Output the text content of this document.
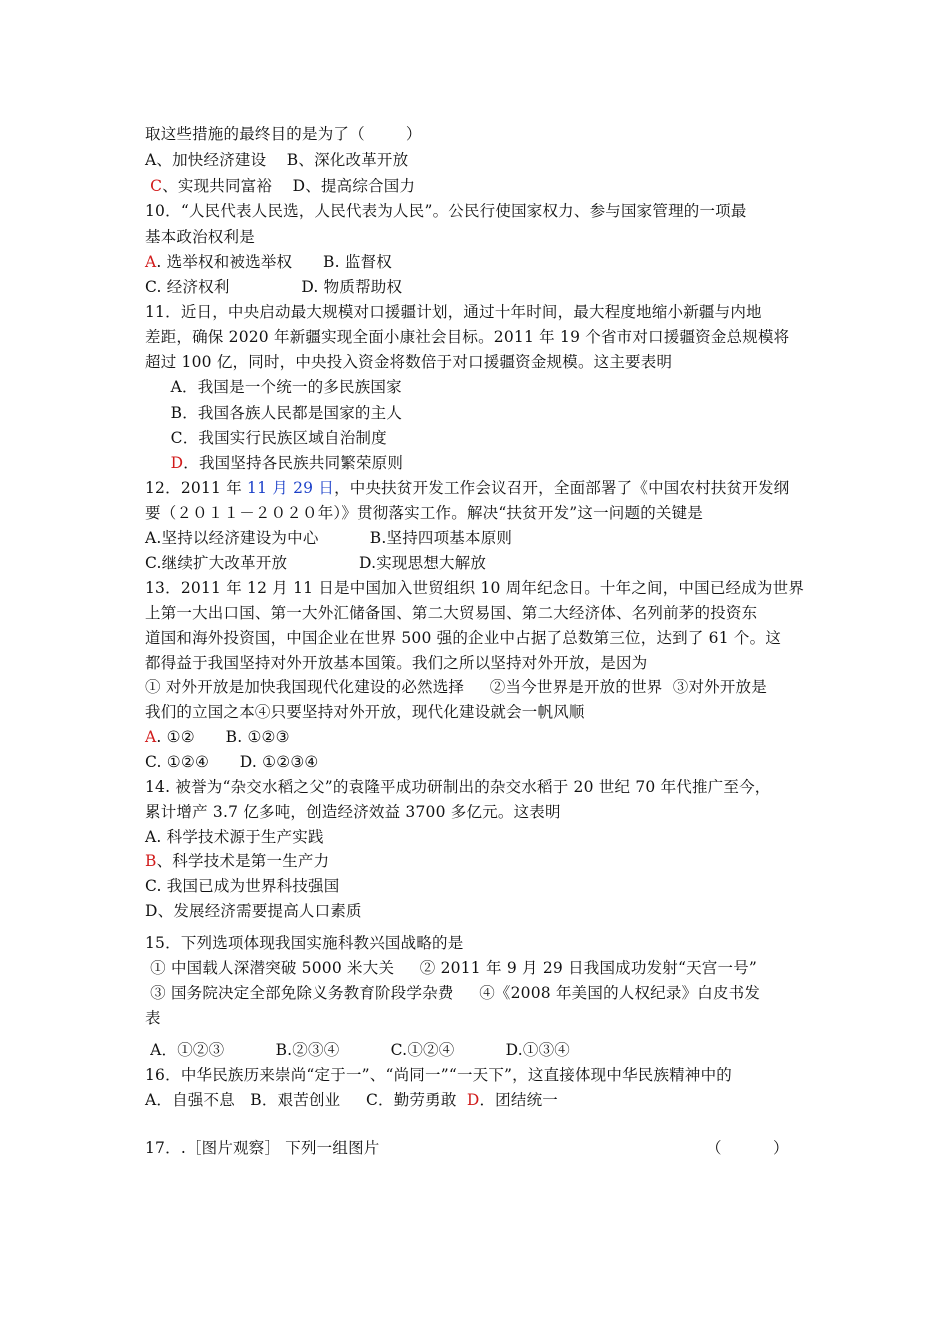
取这些措施的最终目的是为了（        ）
A、加快经济建设    B、深化改革开放
C、实现共同富裕    D、提高综合国力
10．“人民代表人民选，人民代表为人民”。公民行使国家权力、参与国家管理的一项最
基本政治权利是
A. 选举权和被选举权      B. 监督权
C. 经济权利              D. 物质帮助权
11．近日，中央启动最大规模对口援疆计划，通过十年时间，最大程度地缩小新疆与内地
差距，确保 2020 年新疆实现全面小康社会目标。2011 年 19 个省市对口援疆资金总规模将
超过 100 亿，同时，中央投入资金将数倍于对口援疆资金规模。这主要表明
A．我国是一个统一的多民族国家
B．我国各族人民都是国家的主人
C．我国实行民族区域自治制度
D．我国坚持各民族共同繁荣原则
12．2011 年 11 月 29 日，中央扶贫开发工作会议召开，全面部署了《中国农村扶贫开发纲
要（２０１１－２０２０年）》贯彻落实工作。解决“扶贫开发”这一问题的关键是
A.坚持以经济建设为中心          B.坚持四项基本原则
C.继续扩大改革开放              D.实现思想大解放
13．2011 年 12 月 11 日是中国加入世贸组织 10 周年纪念日。十年之间，中国已经成为世界
上第一大出口国、第一大外汇储备国、第二大贸易国、第二大经济体、名列前茅的投资东
道国和海外投资国，中国企业在世界 500 强的企业中占据了总数第三位，达到了 61 个。这
都得益于我国坚持对外开放基本国策。我们之所以坚持对外开放，是因为
① 对外开放是加快我国现代化建设的必然选择     ②当今世界是开放的世界  ③对外开放是
我们的立国之本④只要坚持对外开放，现代化建设就会一帆风顺
A. ①②      B. ①②③
C. ①②④      D. ①②③④
14. 被誉为“杂交水稻之父”的袁隆平成功研制出的杂交水稻于 20 世纪 70 年代推广至今，
累计增产 3.7 亿多吨，创造经济效益 3700 多亿元。这表明
A. 科学技术源于生产实践
B、科学技术是第一生产力
C. 我国已成为世界科技强国
D、发展经济需要提高人口素质
15．下列选项体现我国实施科教兴国战略的是
① 中国载人深潜突破 5000 米大关     ② 2011 年 9 月 29 日我国成功发射“天宫一号”
③ 国务院决定全部免除义务教育阶段学杂费     ④《2008 年美国的人权纪录》白皮书发
表
A．①②③          B.②③④          C.①②④          D.①③④
16．中华民族历来崇尚“定于一”、“尚同一”“一天下”，这直接体现中华民族精神中的
A．自强不息   B．艰苦创业     C．勤劳勇敢  D．团结统一
17．.［图片观察］ 下列一组图片	（          ）
